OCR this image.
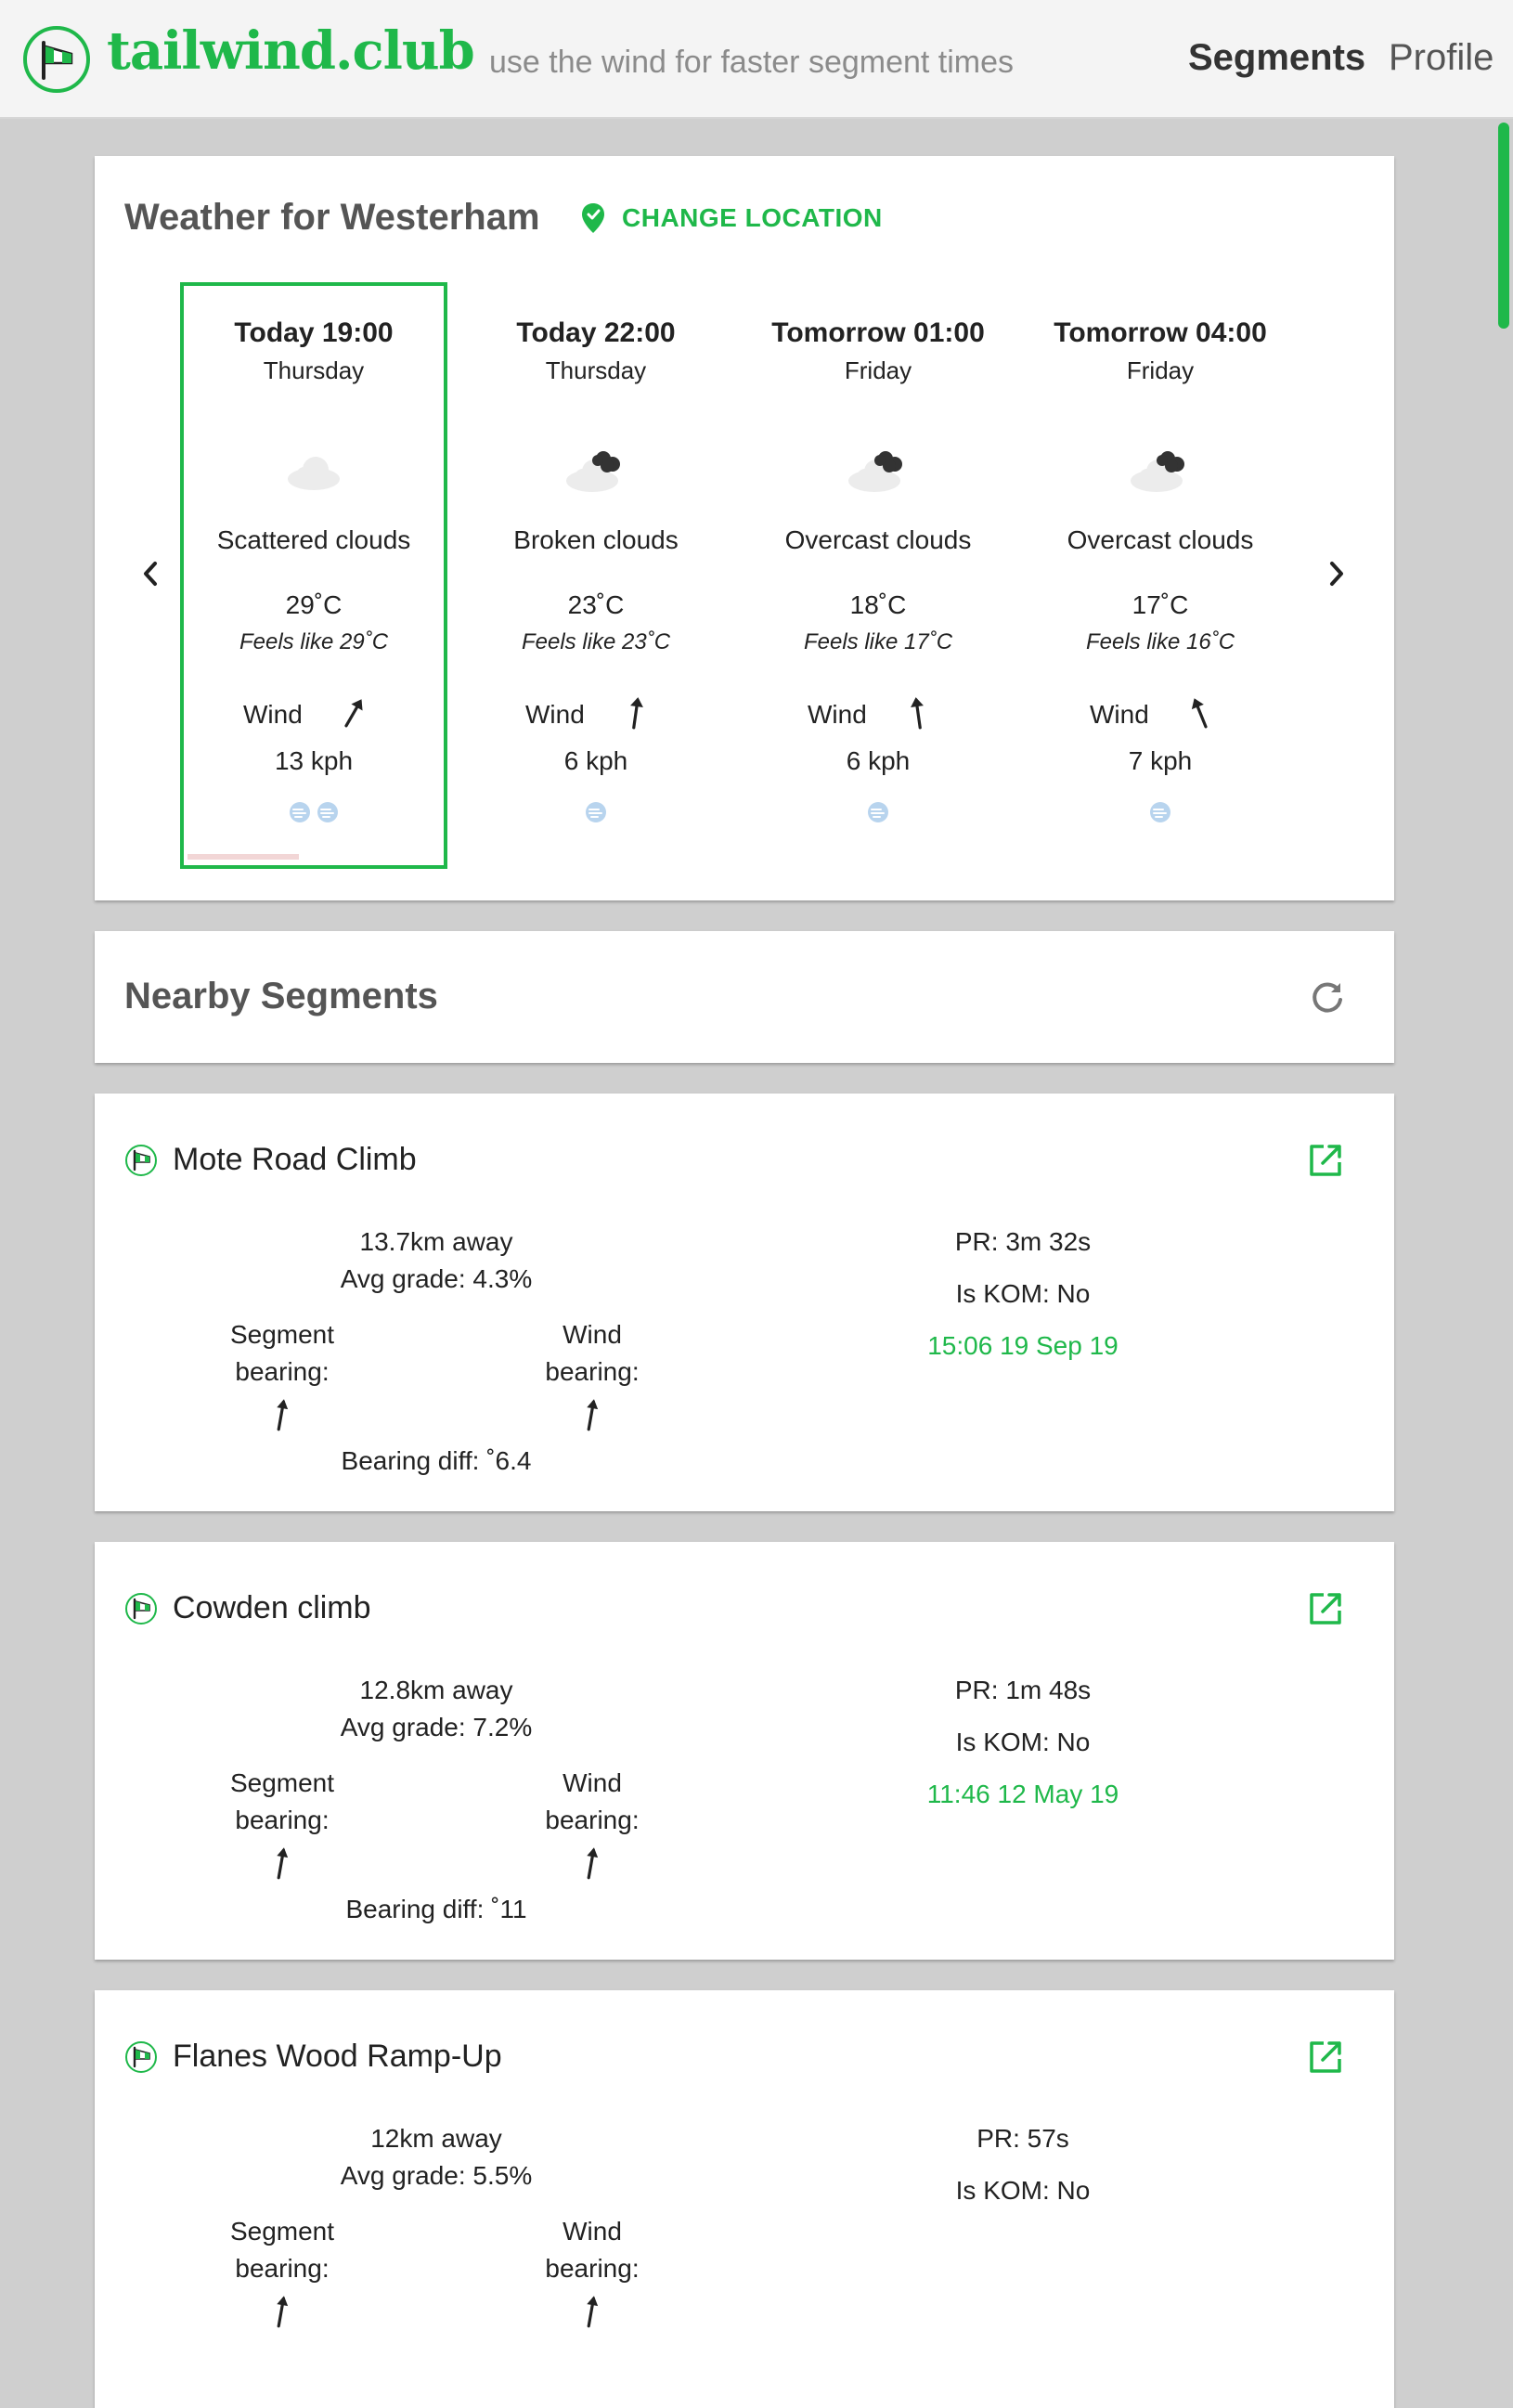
tailwind.club use the wind for faster segment times	Segments Profile
Weather for Westerham	CHANGE LOCATION
Today 19:00
Thursday
Scattered clouds
29˚C
Feels like 29˚C
Wind
13 kph
Today 22:00
Thursday
Broken clouds
23˚C
Feels like 23˚C
Wind
6 kph
Tomorrow 01:00
Friday
Overcast clouds
18˚C
Feels like 17˚C
Wind
6 kph
Tomorrow 04:00
Friday
Overcast clouds
17˚C
Feels like 16˚C
Wind
7 kph
Nearby Segments
Mote Road Climb
13.7km away
Avg grade: 4.3%
Segment bearing:
Wind bearing:
Bearing diff: ˚6.4
PR: 3m 32s
Is KOM: No
15:06 19 Sep 19
Cowden climb
12.8km away
Avg grade: 7.2%
Segment bearing:
Wind bearing:
Bearing diff: ˚11
PR: 1m 48s
Is KOM: No
11:46 12 May 19
Flanes Wood Ramp-Up
12km away
Avg grade: 5.5%
Segment bearing:
Wind bearing:
PR: 57s
Is KOM: No
